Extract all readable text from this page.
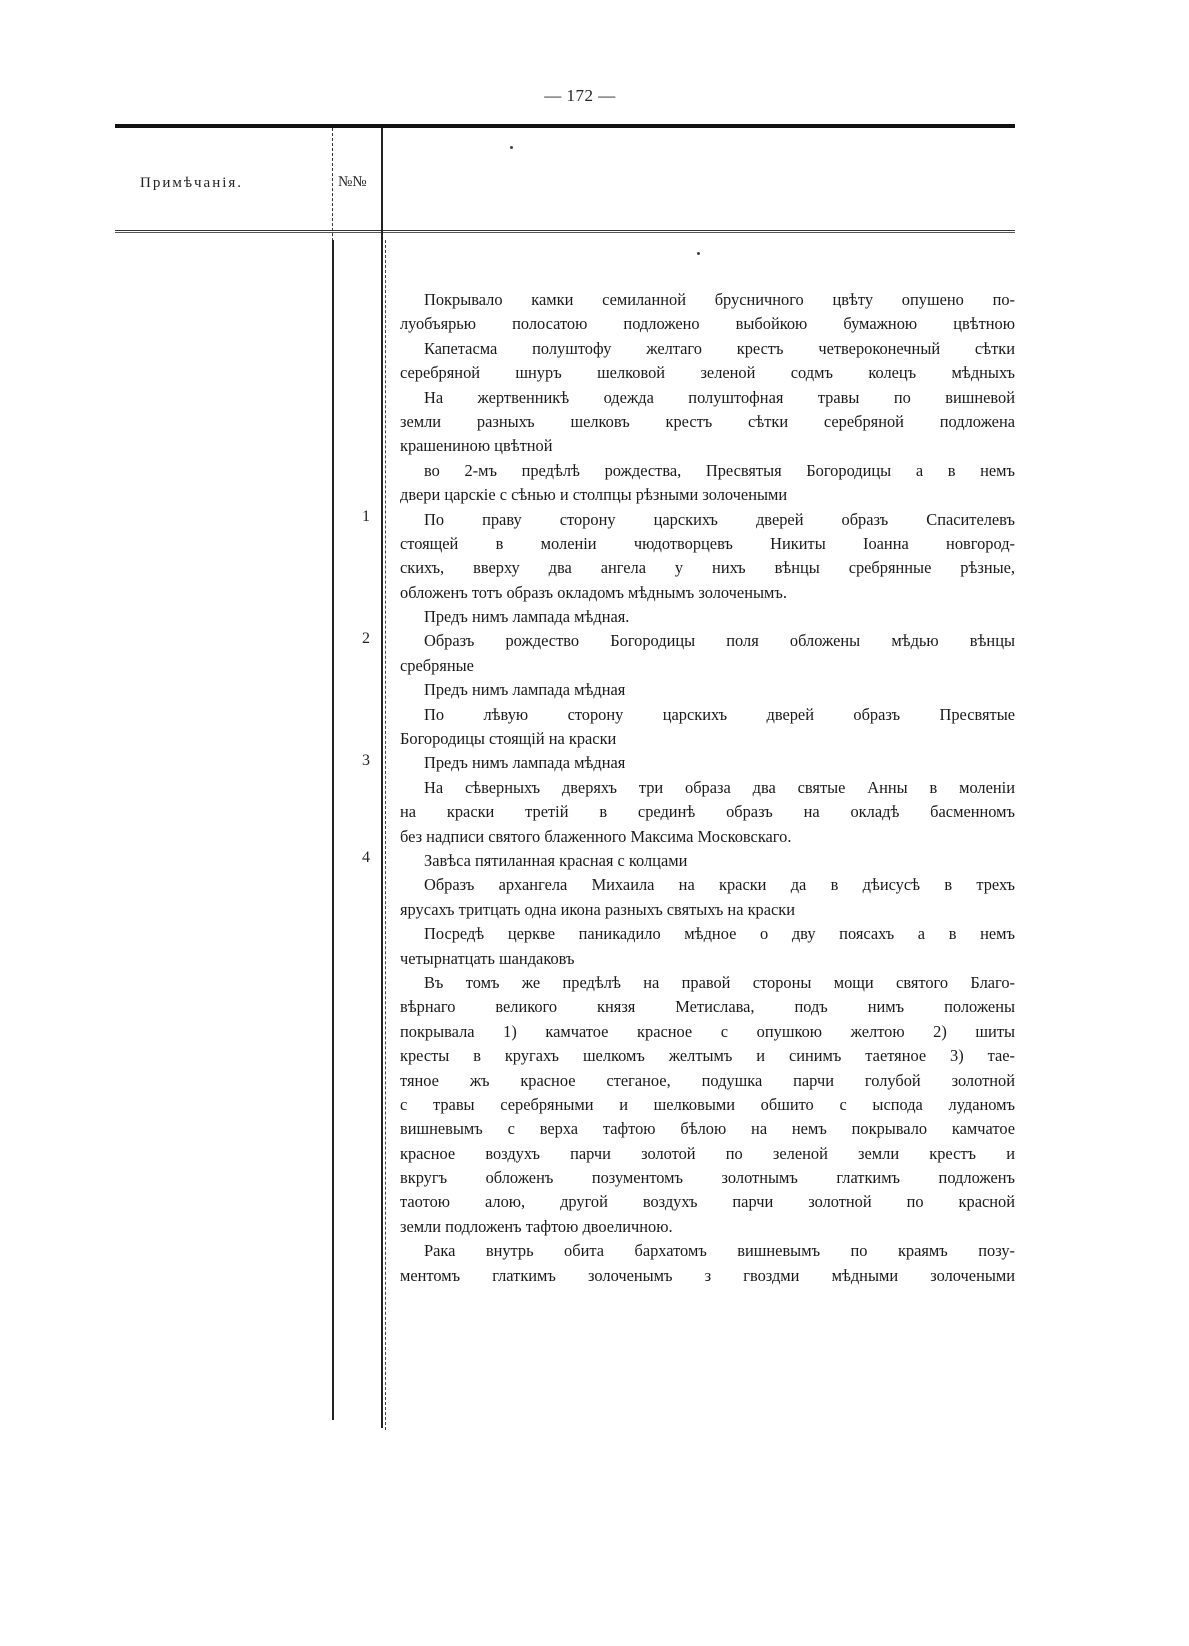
— 172 —
Примѣчанія.	№№
1
2
3
4
Покрывало камки семиланной брусничного цвѣту опушено по-
луобъярью полосатою подложено выбойкою бумажною цвѣтною
Капетасма полуштофу желтаго крестъ четвероконечный сѣтки
серебряной шнуръ шелковой зеленой содмъ колецъ мѣдныхъ
На жертвенникѣ одежда полуштофная травы по вишневой
земли разныхъ шелковъ крестъ сѣтки серебряной подложена
крашениною цвѣтной
во 2-мъ предѣлѣ рождества, Пресвятыя Богородицы а в немъ
двери царскіе с сѣнью и столпцы рѣзными золочеными
По праву сторону царскихъ дверей образъ Спасителевъ
стоящей в моленіи чюдотворцевъ Никиты Іоанна новгород-
скихъ, вверху два ангела у нихъ вѣнцы сребрянные рѣзные,
обложенъ тотъ образъ окладомъ мѣднымъ золоченымъ.
Предъ нимъ лампада мѣдная.
Образъ рождество Богородицы поля обложены мѣдью вѣнцы
сребряные
Предъ нимъ лампада мѣдная
По лѣвую сторону царскихъ дверей образъ Пресвятые
Богородицы стоящій на краски
Предъ нимъ лампада мѣдная
На сѣверныхъ дверяхъ три образа два святые Анны в моленіи
на краски третій в срединѣ образъ на окладѣ басменномъ
без надписи святого блаженного Максима Московскаго.
Завѣса пятиланная красная с колцами
Образъ архангела Михаила на краски да в дѣисусѣ в трехъ
ярусахъ тритцать одна икона разныхъ святыхъ на краски
Посредѣ церкве паникадило мѣдное о дву поясахъ а в немъ
четырнатцать шандаковъ
Въ томъ же предѣлѣ на правой стороны мощи святого Благо-
вѣрнаго великого князя Метислава, подъ нимъ положены
покрывала 1) камчатое красное с опушкою желтою 2) шиты
кресты в кругахъ шелкомъ желтымъ и синимъ таетяное 3) тае-
тяное жъ красное стеганое, подушка парчи голубой золотной
с травы серебряными и шелковыми обшито с ыспода луданомъ
вишневымъ с верха тафтою бѣлою на немъ покрывало камчатое
красное воздухъ парчи золотой по зеленой земли крестъ и
вкругъ обложенъ позументомъ золотнымъ глаткимъ подложенъ
таотою алою, другой воздухъ парчи золотной по красной
земли подложенъ тафтою двоеличною.
Рака внутрь обита бархатомъ вишневымъ по краямъ позу-
ментомъ глаткимъ золоченымъ з гвоздми мѣдными золочеными
